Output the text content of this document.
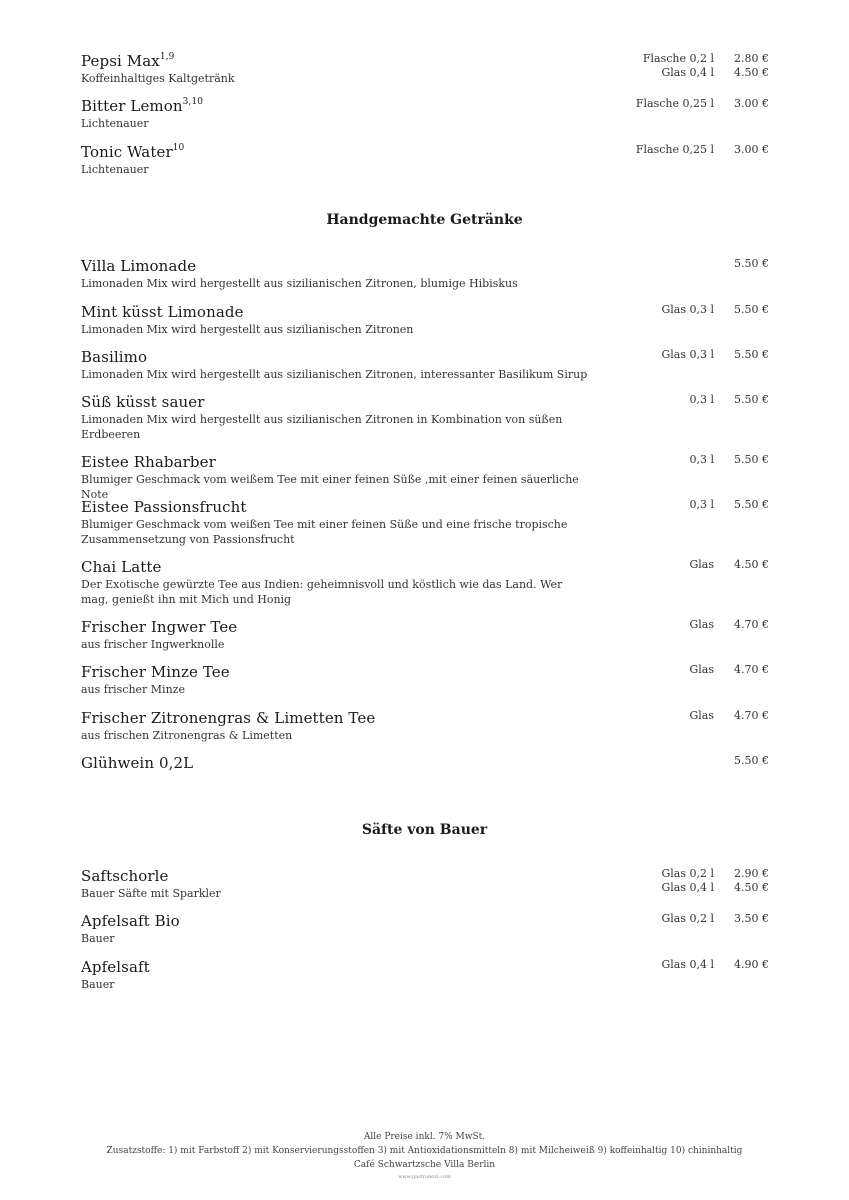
Pepsi Max$^{1,9}$
Koffeinhaltiges Kaltgetränk
Flasche 0,2 l 2.80 €
Glas 0,4 l 4.50 €
Bitter Lemon$^{3,10}$
Lichtenauer
Flasche 0,25 l 3.00 €
Tonic Water$^{10}$
Lichtenauer
Flasche 0,25 l 3.00 €
Handgemachte Getränke
Villa Limonade
Limonaden Mix wird hergestellt aus sizilianischen Zitronen, blumige Hibiskus
5.50 €
Mint küsst Limonade
Limonaden Mix wird hergestellt aus sizilianischen Zitronen
Glas 0,3 l 5.50 €
Basilimo
Limonaden Mix wird hergestellt aus sizilianischen Zitronen, interessanter Basilikum Sirup
Glas 0,3 l 5.50 €
Süß küsst sauer
Limonaden Mix wird hergestellt aus sizilianischen Zitronen in Kombination von süßen Erdbeeren
0,3 l 5.50 €
Eistee Rhabarber
Blumiger Geschmack vom weißem Tee mit einer feinen Süße ,mit einer feinen säuerliche Note
0,3 l 5.50 €
Eistee Passionsfrucht
Blumiger Geschmack vom weißen Tee mit einer feinen Süße und eine frische tropische Zusammensetzung von Passionsfrucht
0,3 l 5.50 €
Chai Latte
Der Exotische gewürzte Tee aus Indien: geheimnisvoll und köstlich wie das Land. Wer mag, genießt ihn mit Mich und Honig
Glas 4.50 €
Frischer Ingwer Tee
aus frischer Ingwerknolle
Glas 4.70 €
Frischer Minze Tee
aus frischer Minze
Glas 4.70 €
Frischer Zitronengras & Limetten Tee
aus frischen Zitronengras & Limetten
Glas 4.70 €
Glühwein 0,2L	5.50 €
Säfte von Bauer
Saftschorle
Bauer Säfte mit Sparkler
Glas 0,2 l 2.90 €
Glas 0,4 l 4.50 €
Apfelsaft Bio
Bauer
Glas 0,2 l 3.50 €
Apfelsaft
Bauer
Glas 0,4 l 4.90 €
Alle Preise inkl. 7% MwSt.
Zusatzstoffe: 1) mit Farbstoff 2) mit Konservierungsstoffen 3) mit Antioxidationsmitteln 8) mit Milcheiweiß 9) koffeinhaltig 10) chininhaltig
Café Schwartzsche Villa Berlin
www.gastronovi.com
